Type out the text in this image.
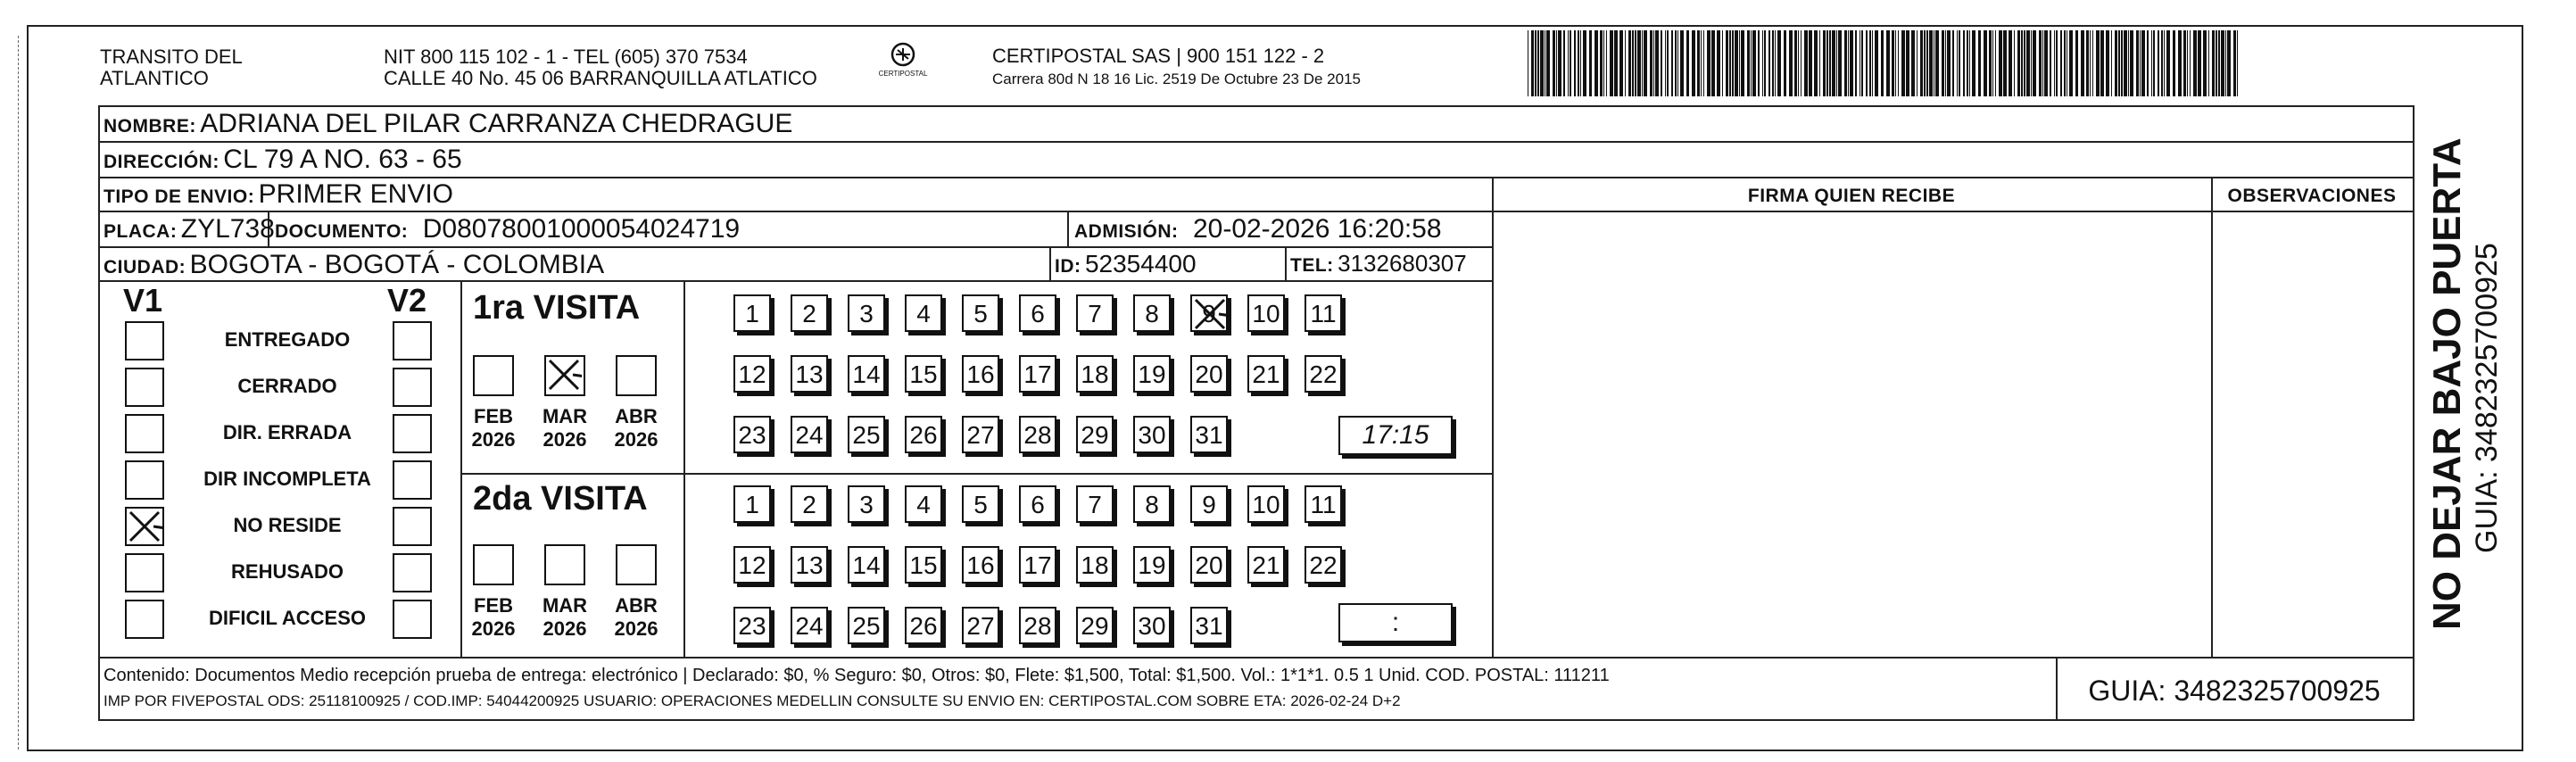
TRANSITO DEL
ATLANTICO
NIT 800 115 102 - 1 - TEL (605) 370 7534
CALLE 40 No. 45 06 BARRANQUILLA ATLATICO	CERTIPOSTAL
CERTIPOSTAL SAS | 900 151 122 - 2
Carrera 80d N 18 16 Lic. 2519 De Octubre 23 De 2015
NOMBRE: ADRIANA DEL PILAR CARRANZA CHEDRAGUE
DIRECCIÓN: CL 79 A NO. 63 - 65
TIPO DE ENVIO: PRIMER ENVIO	FIRMA QUIEN RECIBE	OBSERVACIONES
PLACA: ZYL738 DOCUMENTO: D08078001000054024719	ADMISIÓN: 20-02-2026 16:20:58
CIUDAD: BOGOTA - BOGOTÁ - COLOMBIA	ID: 52354400	TEL: 3132680307
V1	V2
ENTREGADO
CERRADO
DIR. ERRADA
DIR INCOMPLETA
NO RESIDE
REHUSADO
DIFICIL ACCESO
1ra VISITA
2da VISITA
FEB
2026
MAR
2026
ABR
2026
FEB
2026
MAR
2026
ABR
2026
1	2	3	4	5	6	7	8	9	10 11
12 13 14 15 16 17 18 19 20 21 22
23 24 25 26 27 28 29 30 31
1	2	3	4	5	6	7	8	9	10 11
12 13 14 15 16 17 18 19 20 21 22
23 24 25 26 27 28 29 30 31
17:15
:
Contenido: Documentos Medio recepción prueba de entrega: electrónico | Declarado: $0, % Seguro: $0, Otros: $0, Flete: $1,500, Total: $1,500. Vol.: 1*1*1. 0.5 1 Unid. COD. POSTAL: 111211
IMP POR FIVEPOSTAL ODS: 25118100925 / COD.IMP: 54044200925 USUARIO: OPERACIONES MEDELLIN CONSULTE SU ENVIO EN: CERTIPOSTAL.COM SOBRE ETA: 2026-02-24 D+2	GUIA: 3482325700925
NO DEJAR BAJO PUERTA GUIA: 3482325700925
